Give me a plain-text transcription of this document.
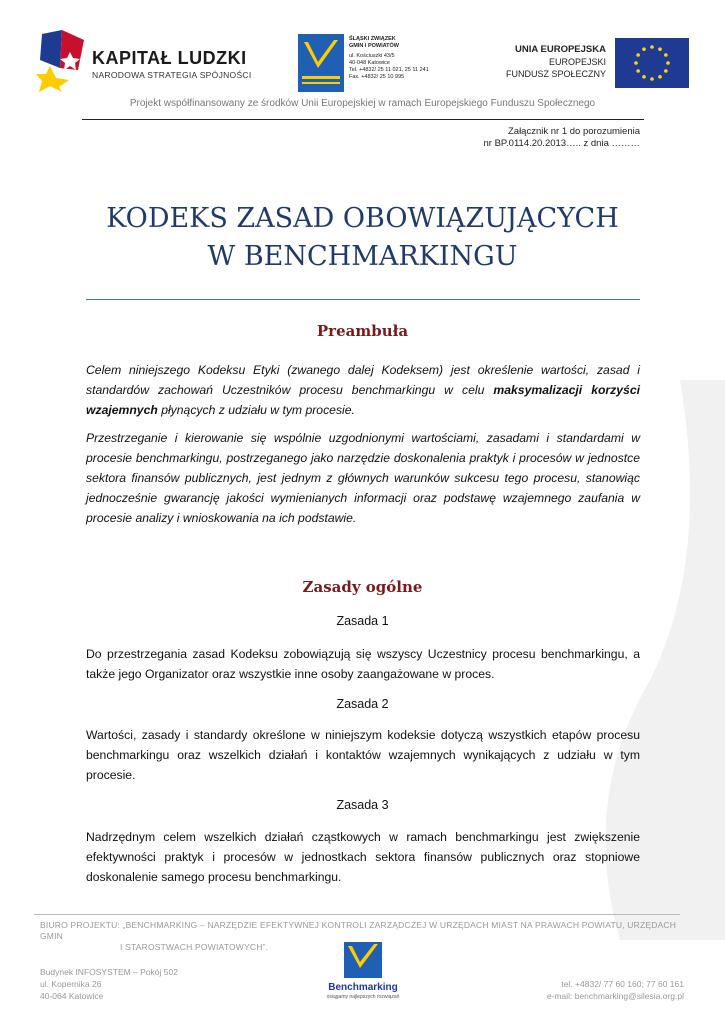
KAPITAŁ LUDZKI
NARODOWA STRATEGIA SPÓJNOŚCI
ŚLĄSKI ZWIĄZEK
GMIN I POWIATÓW
ul. Kościuszki 43/5
40-048 Katowice
Tel. +4832/ 25 11 021, 25 11 241
Fax. +4832/ 25 10 995
UNIA EUROPEJSKA
EUROPEJSKI
FUNDUSZ SPOŁECZNY
Projekt współfinansowany ze środków Unii Europejskiej w ramach Europejskiego Funduszu Społecznego
Załącznik nr 1 do porozumienia
nr BP.0114.20.2013….. z dnia ………
KODEKS ZASAD OBOWIĄZUJĄCYCH
W BENCHMARKINGU
Preambuła
Celem niniejszego Kodeksu Etyki (zwanego dalej Kodeksem) jest określenie wartości, zasad i standardów zachowań Uczestników procesu benchmarkingu w celu maksymalizacji korzyści wzajemnych płynących z udziału w tym procesie.
Przestrzeganie i kierowanie się wspólnie uzgodnionymi wartościami, zasadami i standardami w procesie benchmarkingu, postrzeganego jako narzędzie doskonalenia praktyk i procesów w jednostce sektora finansów publicznych, jest jednym z głównych warunków sukcesu tego procesu, stanowiąc jednocześnie gwarancję jakości wymienianych informacji oraz podstawę wzajemnego zaufania w procesie analizy i wnioskowania na ich podstawie.
Zasady ogólne
Zasada 1
Do przestrzegania zasad Kodeksu zobowiązują się wszyscy Uczestnicy procesu benchmarkingu, a także jego Organizator oraz wszystkie inne osoby zaangażowane w proces.
Zasada 2
Wartości, zasady i standardy określone w niniejszym kodeksie dotyczą wszystkich etapów procesu benchmarkingu oraz wszelkich działań i kontaktów wzajemnych wynikających z udziału w tym procesie.
Zasada 3
Nadrzędnym celem wszelkich działań cząstkowych w ramach benchmarkingu jest zwiększenie efektywności praktyk i procesów w jednostkach sektora finansów publicznych oraz stopniowe doskonalenie samego procesu benchmarkingu.
BIURO PROJEKTU: „BENCHMARKING – NARZĘDZIE EFEKTYWNEJ KONTROLI ZARZĄDCZEJ W URZĘDACH MIAST NA PRAWACH POWIATU, URZĘDACH GMIN
I STAROSTWACH POWIATOWYCH”.
Budynek INFOSYSTEM – Pokój 502
ul. Kopernika 26
40-064 Katowice
Benchmarking
osiągamy najlepszych rozwiązań
tel. +4832/ 77 60 160; 77 60 161
e-mail: benchmarking@silesia.org.pl
